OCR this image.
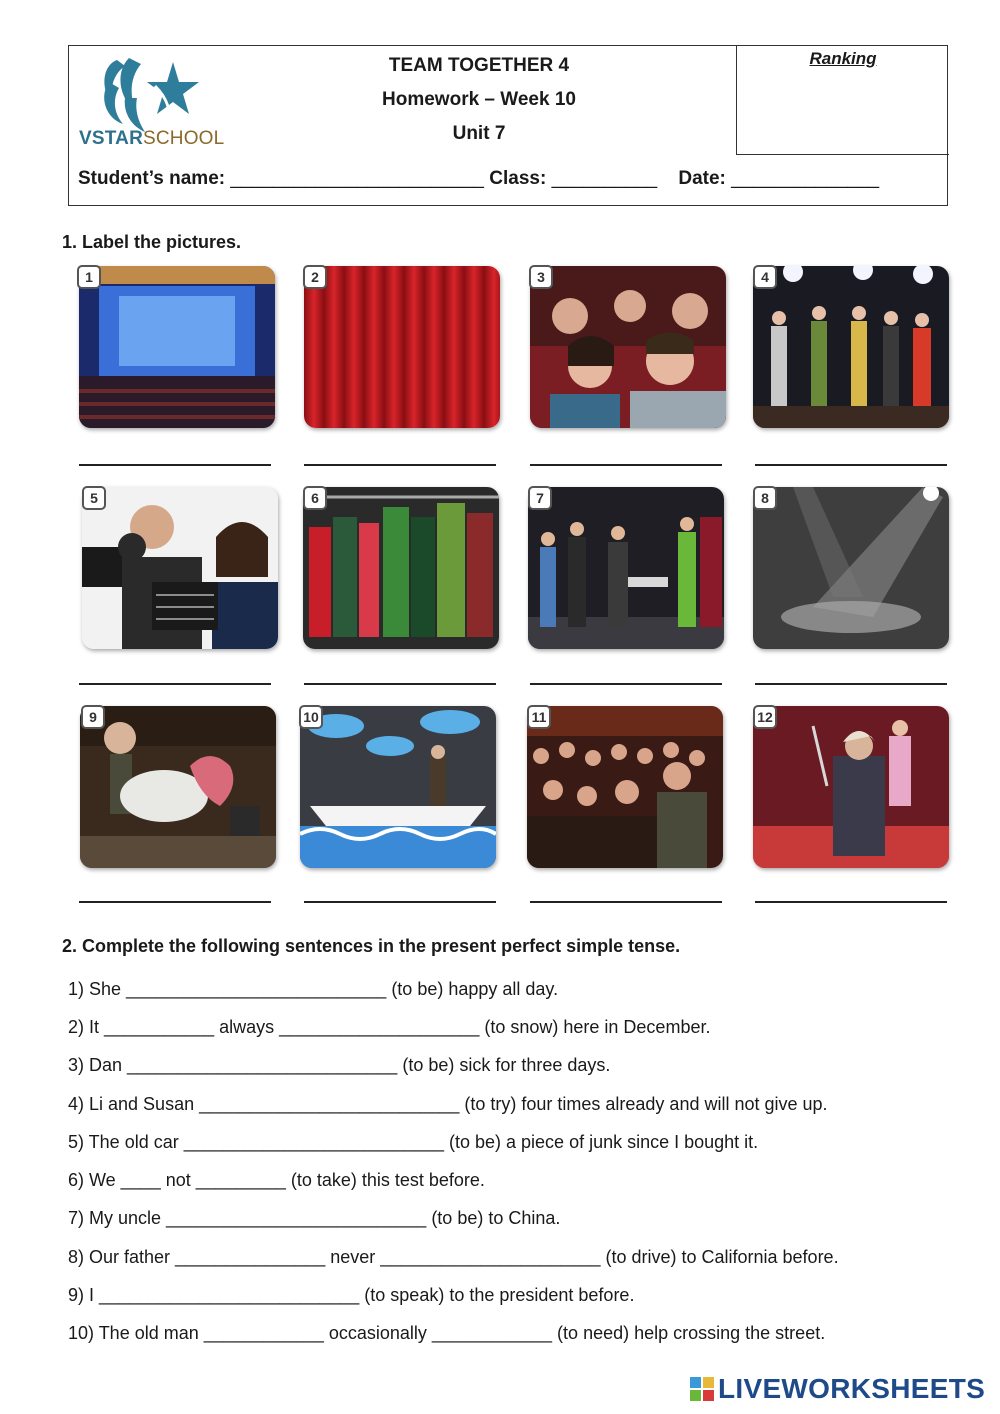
VSTARSCHOOL
TEAM TOGETHER 4
Homework – Week 10
Unit 7
Ranking
Student’s name: ________________________ Class: __________ Date: ______________
1. Label the pictures.
1	2	3	4
5	6	7	8
9	10	11	12
2. Complete the following sentences in the present perfect simple tense.
1) She __________________________ (to be) happy all day.
2) It ___________ always ____________________ (to snow) here in December.
3) Dan ___________________________ (to be) sick for three days.
4) Li and Susan __________________________ (to try) four times already and will not give up.
5) The old car __________________________ (to be) a piece of junk since I bought it.
6) We ____ not _________ (to take) this test before.
7) My uncle __________________________ (to be) to China.
8) Our father _______________ never ______________________ (to drive) to California before.
9) I __________________________ (to speak) to the president before.
10) The old man ____________ occasionally ____________ (to need) help crossing the street.
LIVEWORKSHEETS
